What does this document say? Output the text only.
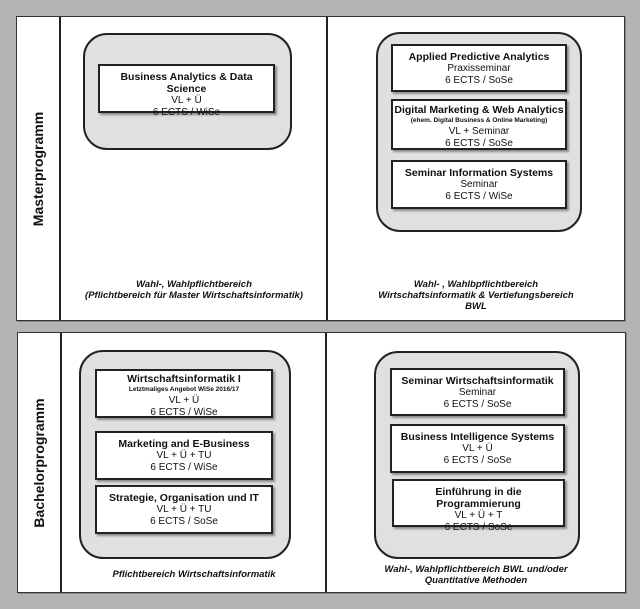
Masterprogramm
Business Analytics & Data Science
VL + Ü
6 ECTS / WiSe
Wahl-, Wahlpflichtbereich
(Pflichtbereich für Master Wirtschaftsinformatik)
Applied Predictive Analytics
Praxisseminar
6 ECTS / SoSe
Digital Marketing & Web Analytics
(ehem. Digital Business & Online Marketing)
VL + Seminar
6 ECTS / SoSe
Seminar Information Systems
Seminar
6 ECTS / WiSe
Wahl- , Wahlbpflichtbereich
Wirtschaftsinformatik & Vertiefungsbereich
BWL
Bachelorprogramm
Wirtschaftsinformatik I
Letztmaliges Angebot WiSe 2016/17
VL + Ü
6 ECTS / WiSe
Marketing and E-Business
VL + Ü + TU
6 ECTS / WiSe
Strategie, Organisation und IT
VL + Ü + TU
6 ECTS / SoSe
Pflichtbereich Wirtschaftsinformatik
Seminar Wirtschaftsinformatik
Seminar
6 ECTS / SoSe
Business Intelligence Systems
VL + Ü
6 ECTS / SoSe
Einführung in die Programmierung
VL + Ü + T
6 ECTS / SoSe
Wahl-, Wahlpflichtbereich BWL und/oder
Quantitative Methoden
